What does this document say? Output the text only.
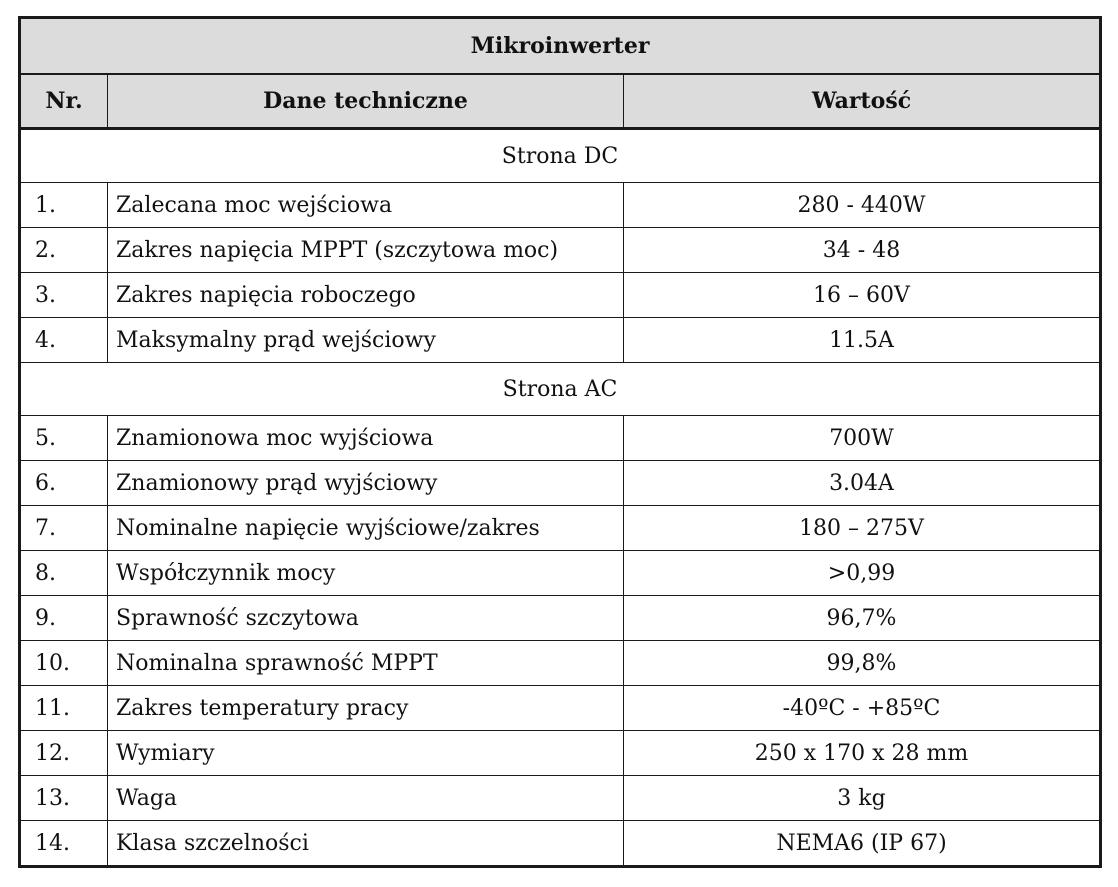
Mikroinwerter		
Nr.	Dane techniczne	Wartość
Strona DC		
1.	Zalecana moc wejściowa	280 - 440W
2.	Zakres napięcia MPPT (szczytowa moc)	34 - 48
3.	Zakres napięcia roboczego	16 – 60V
4.	Maksymalny prąd wejściowy	11.5A
Strona AC		
5.	Znamionowa moc wyjściowa	700W
6.	Znamionowy prąd wyjściowy	3.04A
7.	Nominalne napięcie wyjściowe/zakres	180 – 275V
8.	Współczynnik mocy	>0,99
9.	Sprawność szczytowa	96,7%
10.	Nominalna sprawność MPPT	99,8%
11.	Zakres temperatury pracy	-40ºC - +85ºC
12.	Wymiary	250 x 170 x 28 mm
13.	Waga	3 kg
14.	Klasa szczelności	NEMA6 (IP 67)
